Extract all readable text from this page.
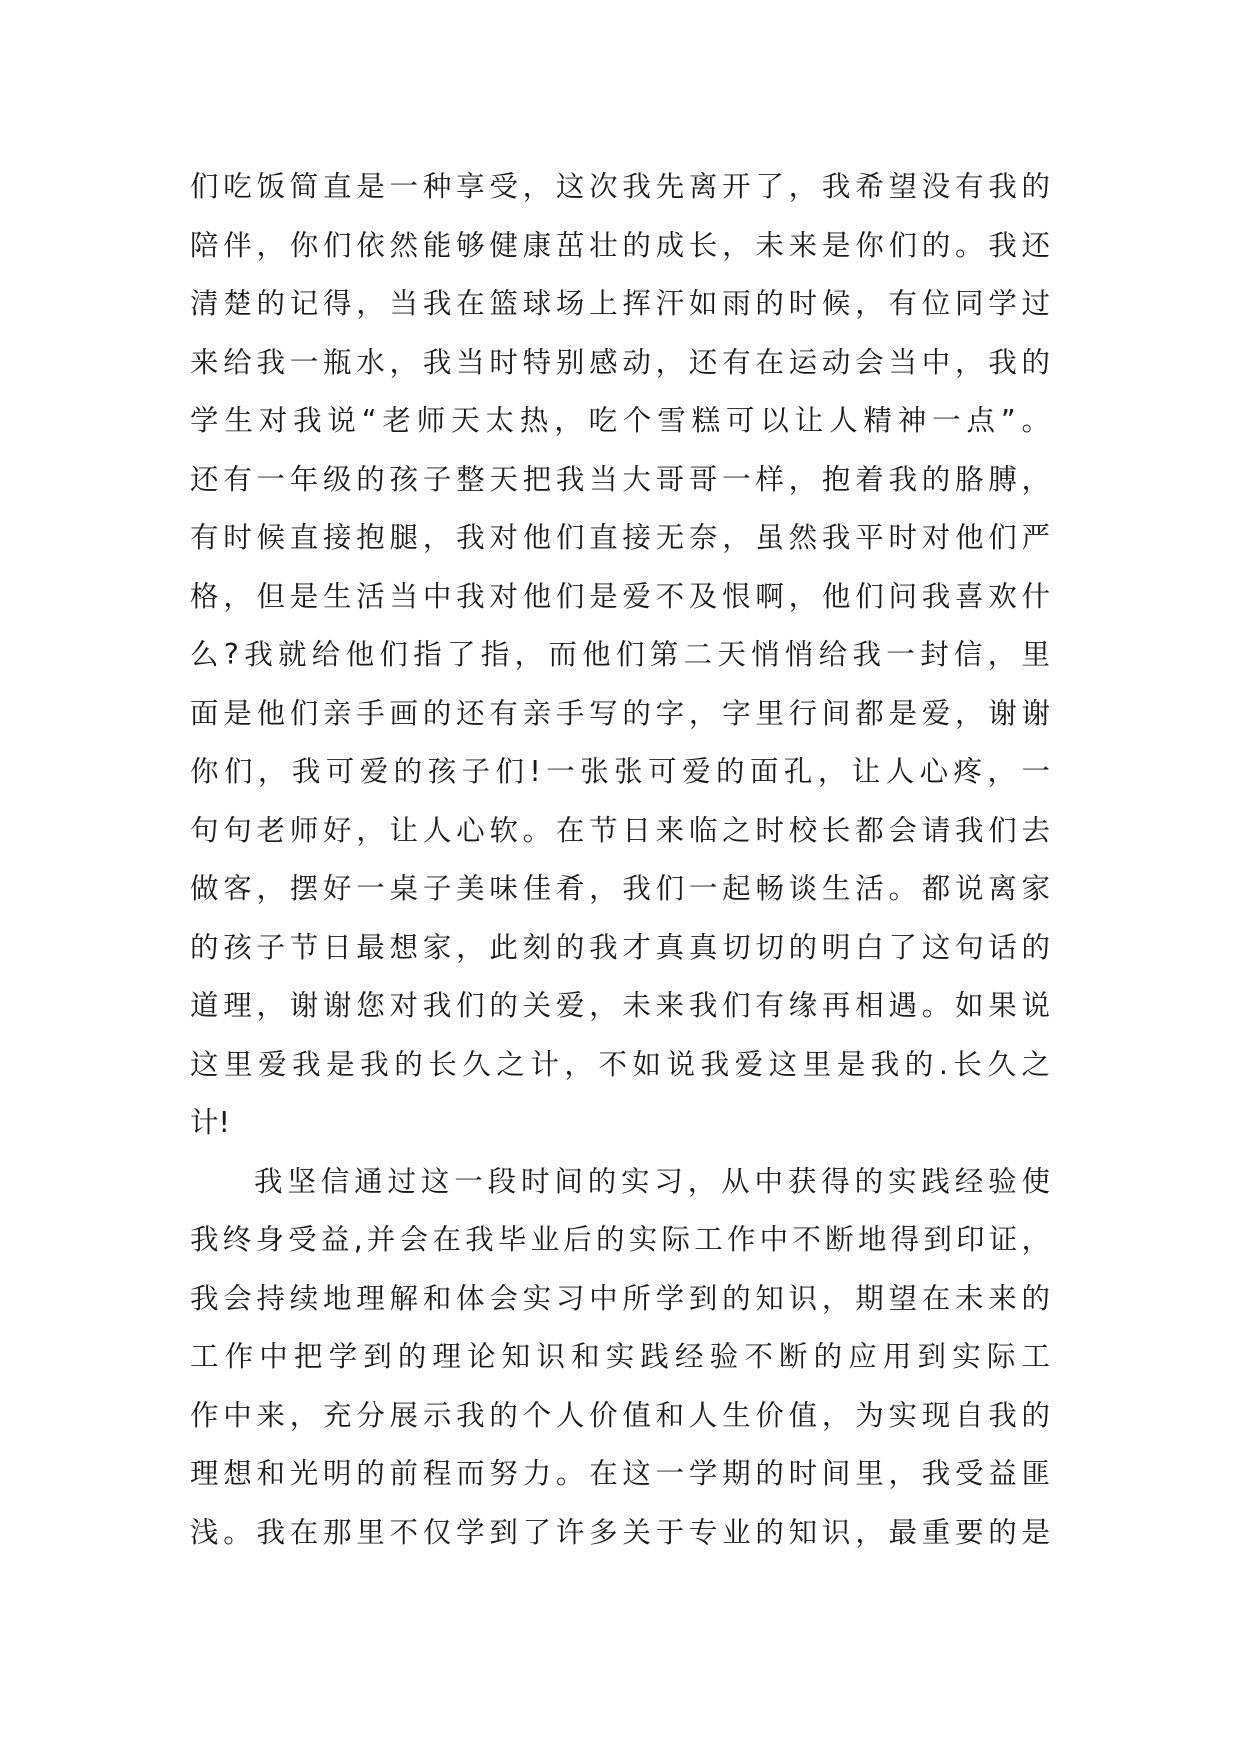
们吃饭简直是一种享受，这次我先离开了，我希望没有我的
陪伴，你们依然能够健康茁壮的成长，未来是你们的。我还
清楚的记得，当我在篮球场上挥汗如雨的时候，有位同学过
来给我一瓶水，我当时特别感动，还有在运动会当中，我的
学生对我说“老师天太热，吃个雪糕可以让人精神一点”。
还有一年级的孩子整天把我当大哥哥一样，抱着我的胳膊，
有时候直接抱腿，我对他们直接无奈，虽然我平时对他们严
格，但是生活当中我对他们是爱不及恨啊，他们问我喜欢什
么?我就给他们指了指，而他们第二天悄悄给我一封信，里
面是他们亲手画的还有亲手写的字，字里行间都是爱，谢谢
你们，我可爱的孩子们!一张张可爱的面孔，让人心疼，一
句句老师好，让人心软。在节日来临之时校长都会请我们去
做客，摆好一桌子美味佳肴，我们一起畅谈生活。都说离家
的孩子节日最想家，此刻的我才真真切切的明白了这句话的
道理，谢谢您对我们的关爱，未来我们有缘再相遇。如果说
这里爱我是我的长久之计，不如说我爱这里是我的.长久之
计!
我坚信通过这一段时间的实习，从中获得的实践经验使
我终身受益,并会在我毕业后的实际工作中不断地得到印证，
我会持续地理解和体会实习中所学到的知识，期望在未来的
工作中把学到的理论知识和实践经验不断的应用到实际工
作中来，充分展示我的个人价值和人生价值，为实现自我的
理想和光明的前程而努力。在这一学期的时间里，我受益匪
浅。我在那里不仅学到了许多关于专业的知识，最重要的是
